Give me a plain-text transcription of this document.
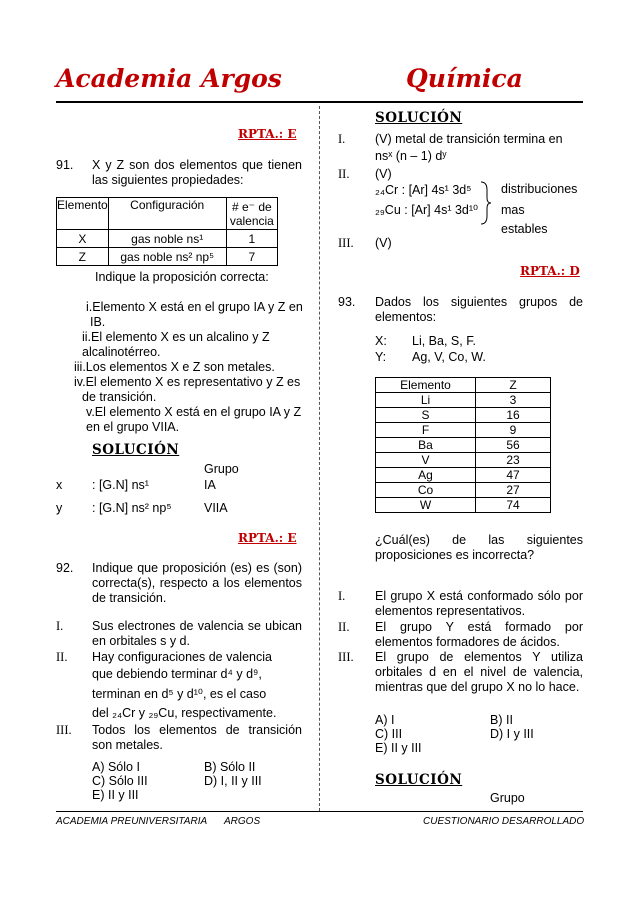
Academia Argos	Química
RPTA.: E
91. X y Z son dos elementos que tienen las siguientes propiedades:
Elemento	Configuración	# e⁻ de valencia
X	gas noble ns¹	1
Z	gas noble ns² np⁵	7
Indique la proposición correcta:
i.Elemento X está en el grupo IA y Z en IB.
ii.El elemento X es un alcalino y Z alcalinotérreo.
iii.Los elementos X e Z son metales.
iv.El elemento X es representativo y Z es de transición.
v.El elemento X está en el grupo IA y Z en el grupo VIIA.
SOLUCIÓN
Grupo
x : [G.N] ns¹	IA
y : [G.N] ns² np⁵	VIIA
RPTA.: E
92. Indique que proposición (es) es (son) correcta(s), respecto a los elementos de transición.
I. Sus electrones de valencia se ubican en orbitales s y d.
II. Hay configuraciones de valencia
que debiendo terminar d⁴ y d⁹,
terminan en d⁵ y d¹⁰, es el caso
del ₂₄Cr y ₂₉Cu, respectivamente.
III. Todos los elementos de transición son metales.
A) Sólo I	B) Sólo II
C) Sólo III	D) I, II y III
E) II y III
SOLUCIÓN
I. (V) metal de transición termina en
nsˣ (n – 1) dʸ
II. (V)
₂₄Cr : [Ar] 4s¹ 3d⁵
₂₉Cu : [Ar] 4s¹ 3d¹⁰
distribuciones
mas
estables
III. (V)
RPTA.: D
93. Dados los siguientes grupos de elementos:
X: Li, Ba, S, F.
Y: Ag, V, Co, W.
Elemento	Z
Li	3
S	16
F	9
Ba	56
V	23
Ag	47
Co	27
W	74
¿Cuál(es) de las siguientes proposiciones es incorrecta?
I. El grupo X está conformado sólo por elementos representativos.
II. El grupo Y está formado por elementos formadores de ácidos.
III. El grupo de elementos Y utiliza orbitales d en el nivel de valencia, mientras que del grupo X no lo hace.
A) I	B) II
C) III	D) I y III
E) II y III
SOLUCIÓN
Grupo
ACADEMIA PREUNIVERSITARIA ARGOS	CUESTIONARIO DESARROLLADO
